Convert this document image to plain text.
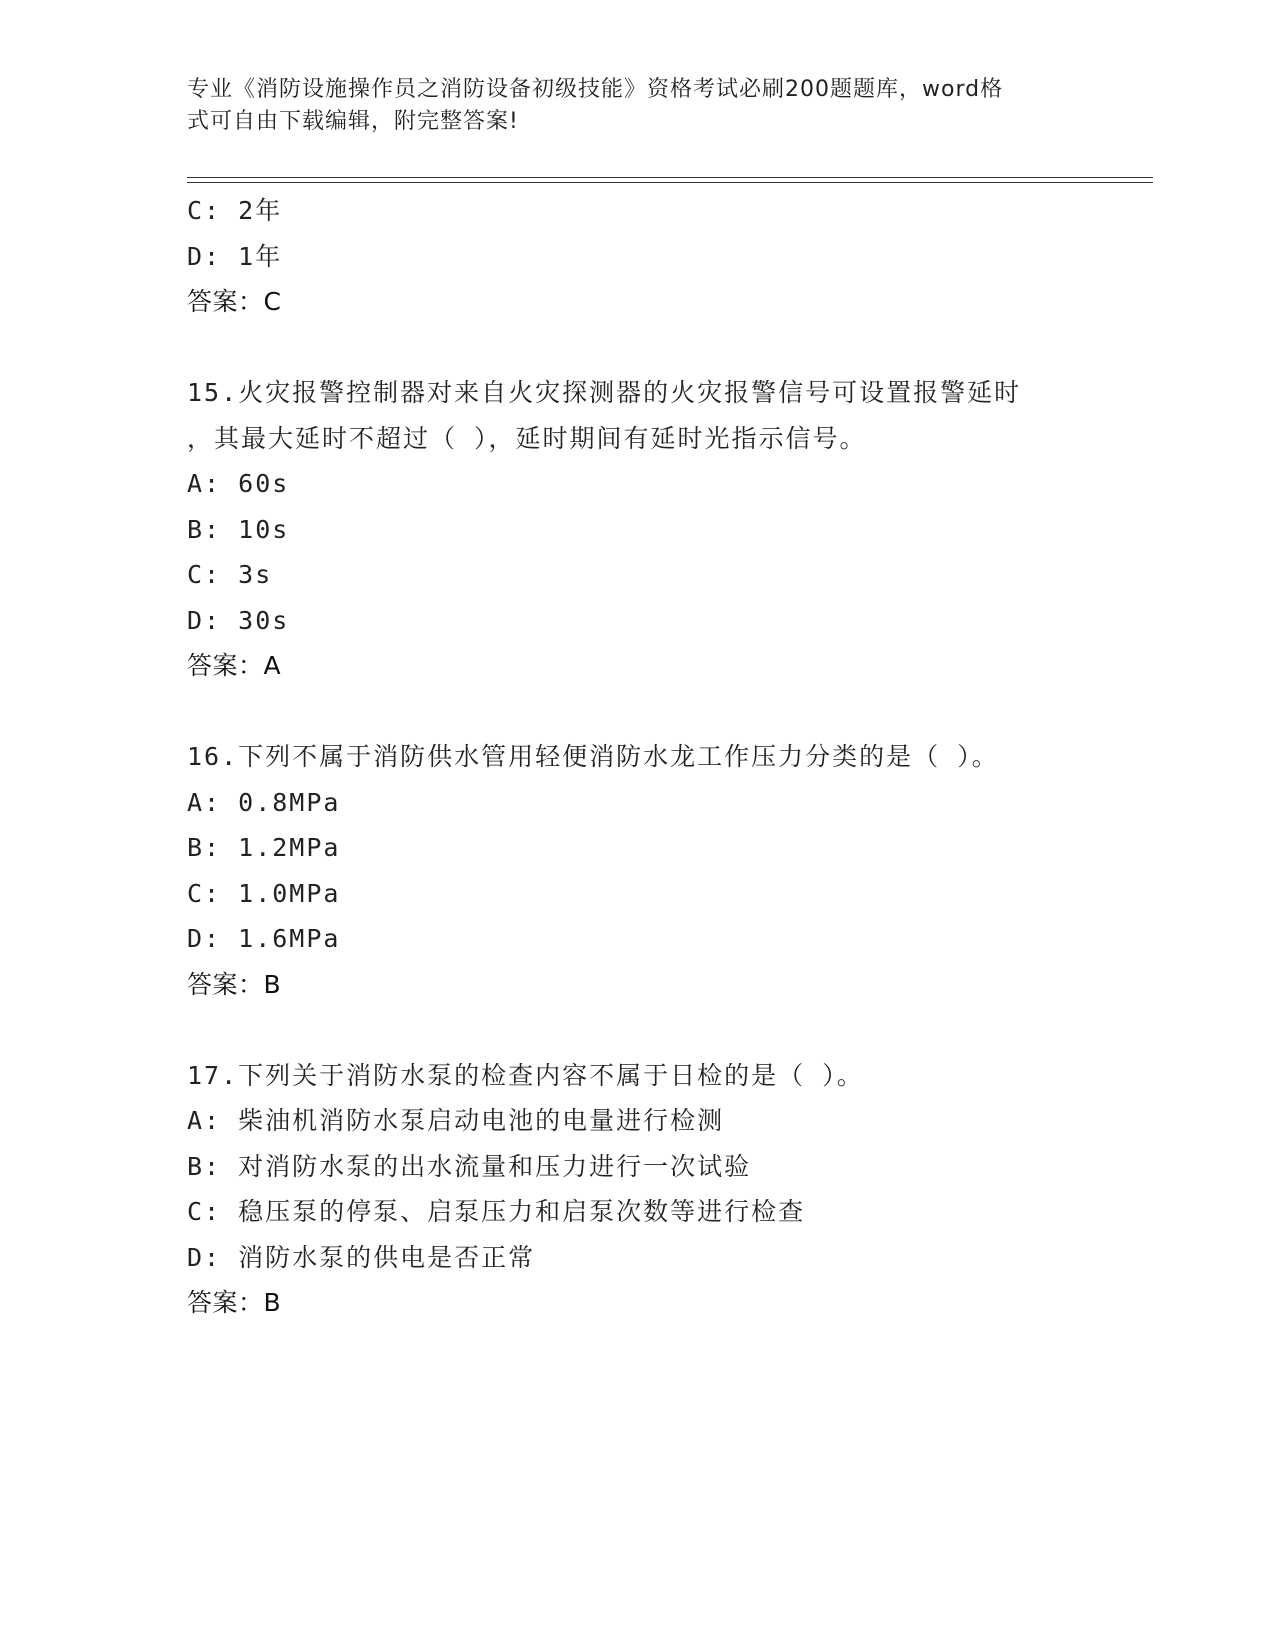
专业《消防设施操作员之消防设备初级技能》资格考试必刷200题题库，word格
式可自由下载编辑，附完整答案!
C: 2年
D: 1年
答案：C
15.火灾报警控制器对来自火灾探测器的火灾报警信号可设置报警延时
，其最大延时不超过（ ），延时期间有延时光指示信号。
A: 60s
B: 10s
C: 3s
D: 30s
答案：A
16.下列不属于消防供水管用轻便消防水龙工作压力分类的是（ ）。
A: 0.8MPa
B: 1.2MPa
C: 1.0MPa
D: 1.6MPa
答案：B
17.下列关于消防水泵的检查内容不属于日检的是（ ）。
A: 柴油机消防水泵启动电池的电量进行检测
B: 对消防水泵的出水流量和压力进行一次试验
C: 稳压泵的停泵、启泵压力和启泵次数等进行检查
D: 消防水泵的供电是否正常
答案：B
